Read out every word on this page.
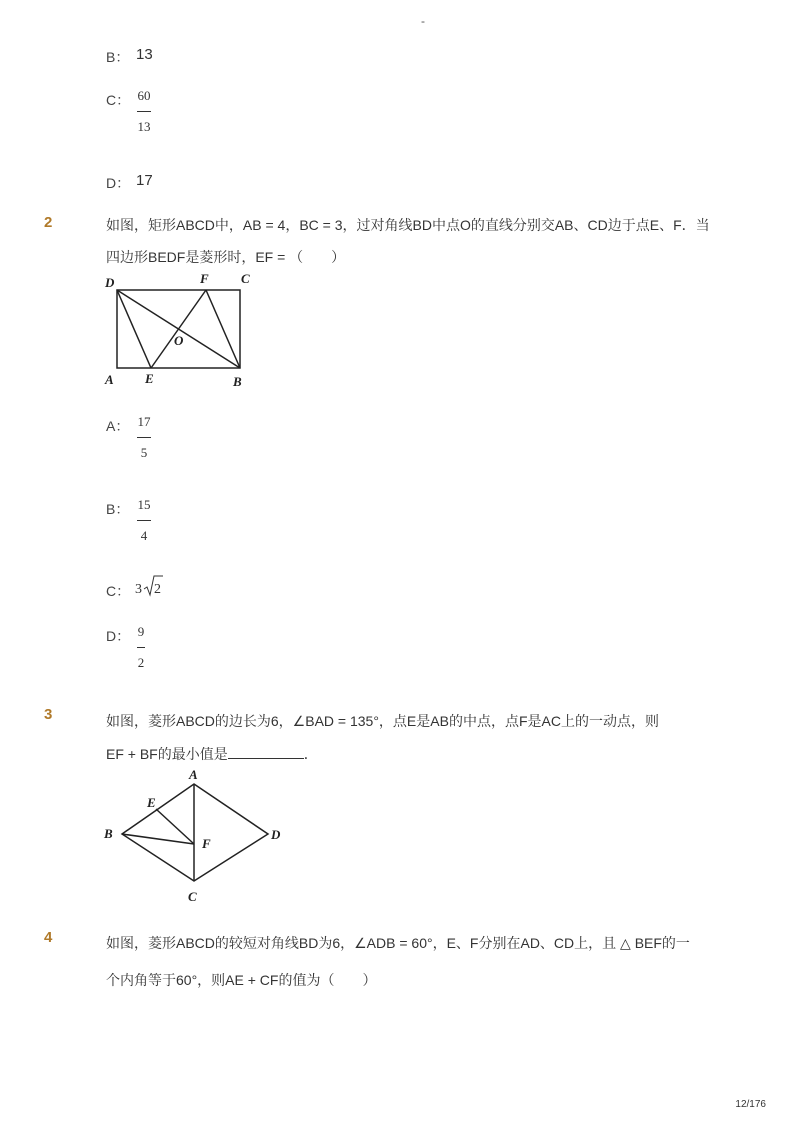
-
B： 13
C： 60
13
D： 17
2	如图，矩形ABCD中，AB = 4，BC = 3，过对角线BD中点O的直线分别交AB、CD边于点E、F．当
四边形BEDF是菱形时，EF = （　　）
D	F C
O
A E	B
A： 17
5
B： 15
4
C： 3 2
D： 9
2
3	如图，菱形ABCD的边长为6，∠BAD = 135°，点E是AB的中点，点F是AC上的一动点，则
EF + BF的最小值是	．
A
E
B
F
D
C
4	如图，菱形ABCD的较短对角线BD为6，∠ADB = 60°，E、F分别在AD、CD上，且 △ BEF的一
个内角等于60°，则AE + CF的值为（　　）
12/176
